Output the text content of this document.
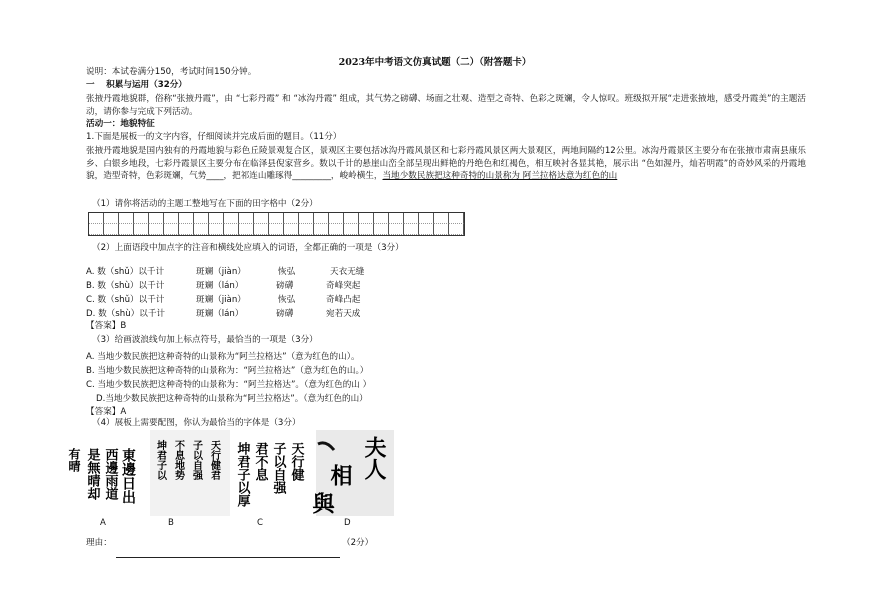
2023年中考语文仿真试题（二）（附答题卡）
说明：本试卷满分150，考试时间150分钟。
一　 积累与运用（32分）
张掖丹霞地貌群，俗称“张掖丹霞”，由 “七彩丹霞” 和 “冰沟丹霞” 组成，其气势之磅礴、场面之壮观、造型之奇特、色彩之斑斓，令人惊叹。班级拟开展“走进张掖地，感受丹霞美”的主题活动，请你参与完成下列活动。
活动一：地貌特征
1.下面是展板一的文字内容，仔细阅读并完成后面的题目。（11分）
张掖丹霞地貌是国内独有的丹霞地貌与彩色丘陵景观复合区，景观区主要包括冰沟丹霞风景区和七彩丹霞风景区两大景观区，两地间隔约12公里。冰沟丹霞景区主要分布在张掖市肃南县康乐乡、白银乡地段，七彩丹霞景区主要分布在临泽县倪家营乡。数以千计的悬崖山峦全部呈现出鲜艳的丹绝色和红褐色，相互映衬各显其艳，展示出 “色如渥丹，灿若明霞”的奇妙风采的丹霞地貌，造型奇特，色彩斑斓，气势____，把祁连山雕琢得_________，峻岭横生，当地少数民族把这种奇特的山景称为 阿兰拉格达意为红色的山
（1）请你将活动的主题工整地写在下面的田字格中（2分）
（2）上面语段中加点字的注音和横线处应填入的词语，全都正确的一项是（3分）
A. 数（shǔ）以千计	斑斓（jiàn）	恢弘	天衣无缝
B. 数（shù）以千计	斑斓（lán）	磅礴	奇峰突起
C. 数（shǔ）以千计	斑斓（jiàn）	恢弘	奇峰凸起
D. 数（shù）以千计	斑斓（lán）	磅礴	宛若天成
【答案】B
（3）给画波浪线句加上标点符号，最恰当的一项是（3分）
A. 当地少数民族把这种奇特的山景称为“阿兰拉格达”（意为红色的山）。
B. 当地少数民族把这种奇特的山景称为：“阿兰拉格达”（意为红色的山。）
C. 当地少数民族把这种奇特的山景称为：“阿兰拉格达”。（意为红色的山 ）
D.当地少数民族把这种奇特的山景称为“阿兰拉格达”。（意为红色的山）
【答案】A
（4）展板上需要配图，你认为最恰当的字体是（3分）
東邊日出
西邊雨道
是無晴却
有晴
A
天行健君
子以自强
不息地势
坤君子以
B
天行健
子以自强
君不息
坤君子以厚
C
夫人
相
與
D
理由：	（2分）
